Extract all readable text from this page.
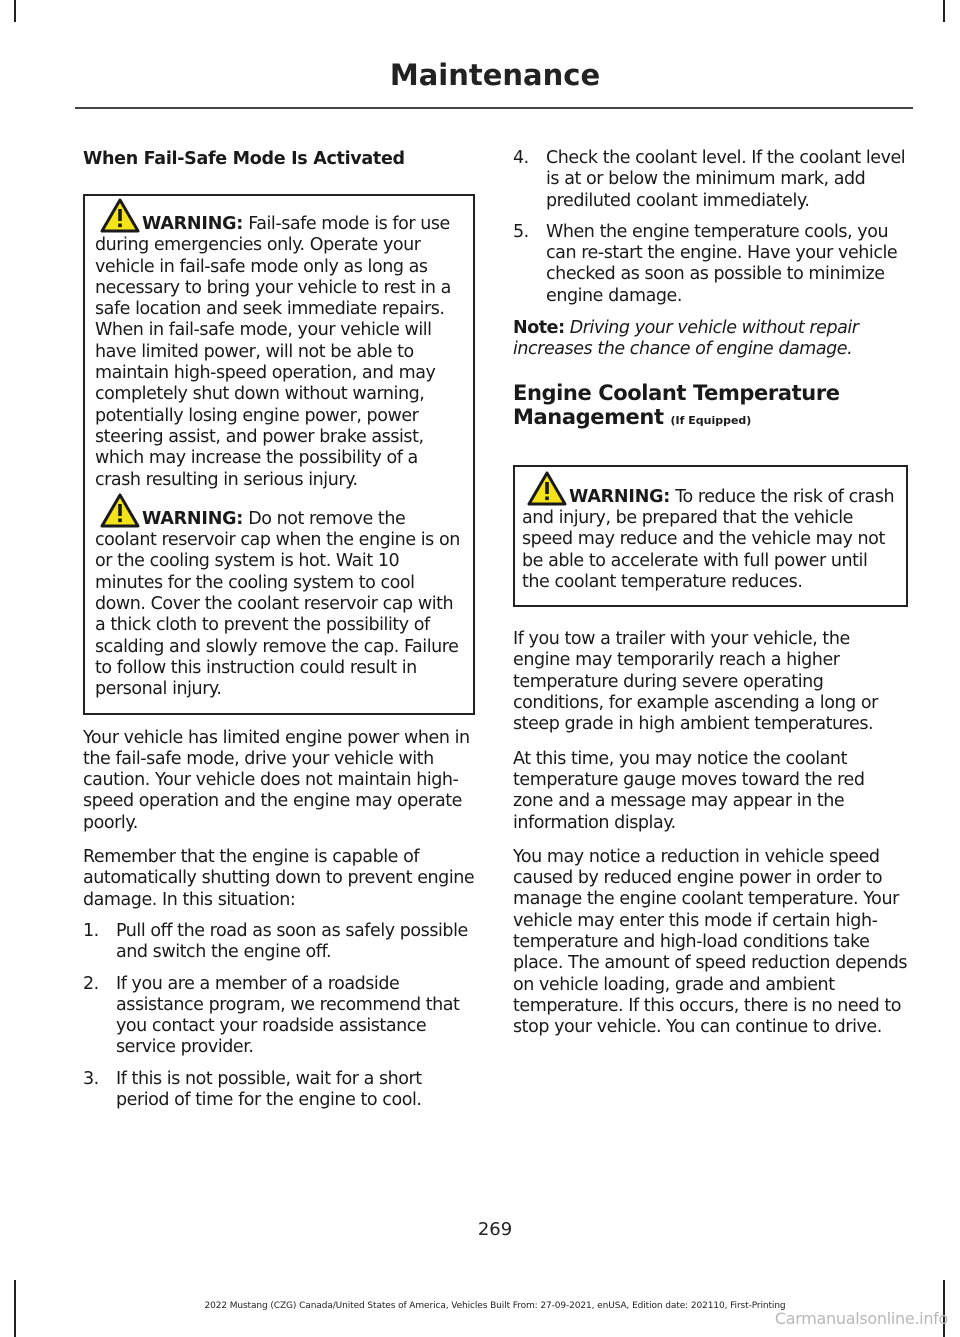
Maintenance
When Fail-Safe Mode Is Activated

WARNING: Fail-safe mode is for use during emergencies only. Operate your vehicle in fail-safe mode only as long as necessary to bring your vehicle to rest in a safe location and seek immediate repairs. When in fail-safe mode, your vehicle will have limited power, will not be able to maintain high-speed operation, and may completely shut down without warning, potentially losing engine power, power steering assist, and power brake assist, which may increase the possibility of a crash resulting in serious injury.

WARNING: Do not remove the coolant reservoir cap when the engine is on or the cooling system is hot. Wait 10 minutes for the cooling system to cool down. Cover the coolant reservoir cap with a thick cloth to prevent the possibility of scalding and slowly remove the cap. Failure to follow this instruction could result in personal injury.

Your vehicle has limited engine power when in the fail-safe mode, drive your vehicle with caution. Your vehicle does not maintain high-speed operation and the engine may operate poorly.

Remember that the engine is capable of automatically shutting down to prevent engine damage. In this situation:

1. Pull off the road as soon as safely possible and switch the engine off.
2. If you are a member of a roadside assistance program, we recommend that you contact your roadside assistance service provider.
3. If this is not possible, wait for a short period of time for the engine to cool.
4. Check the coolant level. If the coolant level is at or below the minimum mark, add prediluted coolant immediately.
5. When the engine temperature cools, you can re-start the engine. Have your vehicle checked as soon as possible to minimize engine damage.

Note: Driving your vehicle without repair increases the chance of engine damage.

Engine Coolant Temperature Management (If Equipped)

WARNING: To reduce the risk of crash and injury, be prepared that the vehicle speed may reduce and the vehicle may not be able to accelerate with full power until the coolant temperature reduces.

If you tow a trailer with your vehicle, the engine may temporarily reach a higher temperature during severe operating conditions, for example ascending a long or steep grade in high ambient temperatures.

At this time, you may notice the coolant temperature gauge moves toward the red zone and a message may appear in the information display.

You may notice a reduction in vehicle speed caused by reduced engine power in order to manage the engine coolant temperature. Your vehicle may enter this mode if certain high-temperature and high-load conditions take place. The amount of speed reduction depends on vehicle loading, grade and ambient temperature. If this occurs, there is no need to stop your vehicle. You can continue to drive.

269
2022 Mustang (CZG) Canada/United States of America, Vehicles Built From: 27-09-2021, enUSA, Edition date: 202110, First-Printing
Carmanualsonline.info
